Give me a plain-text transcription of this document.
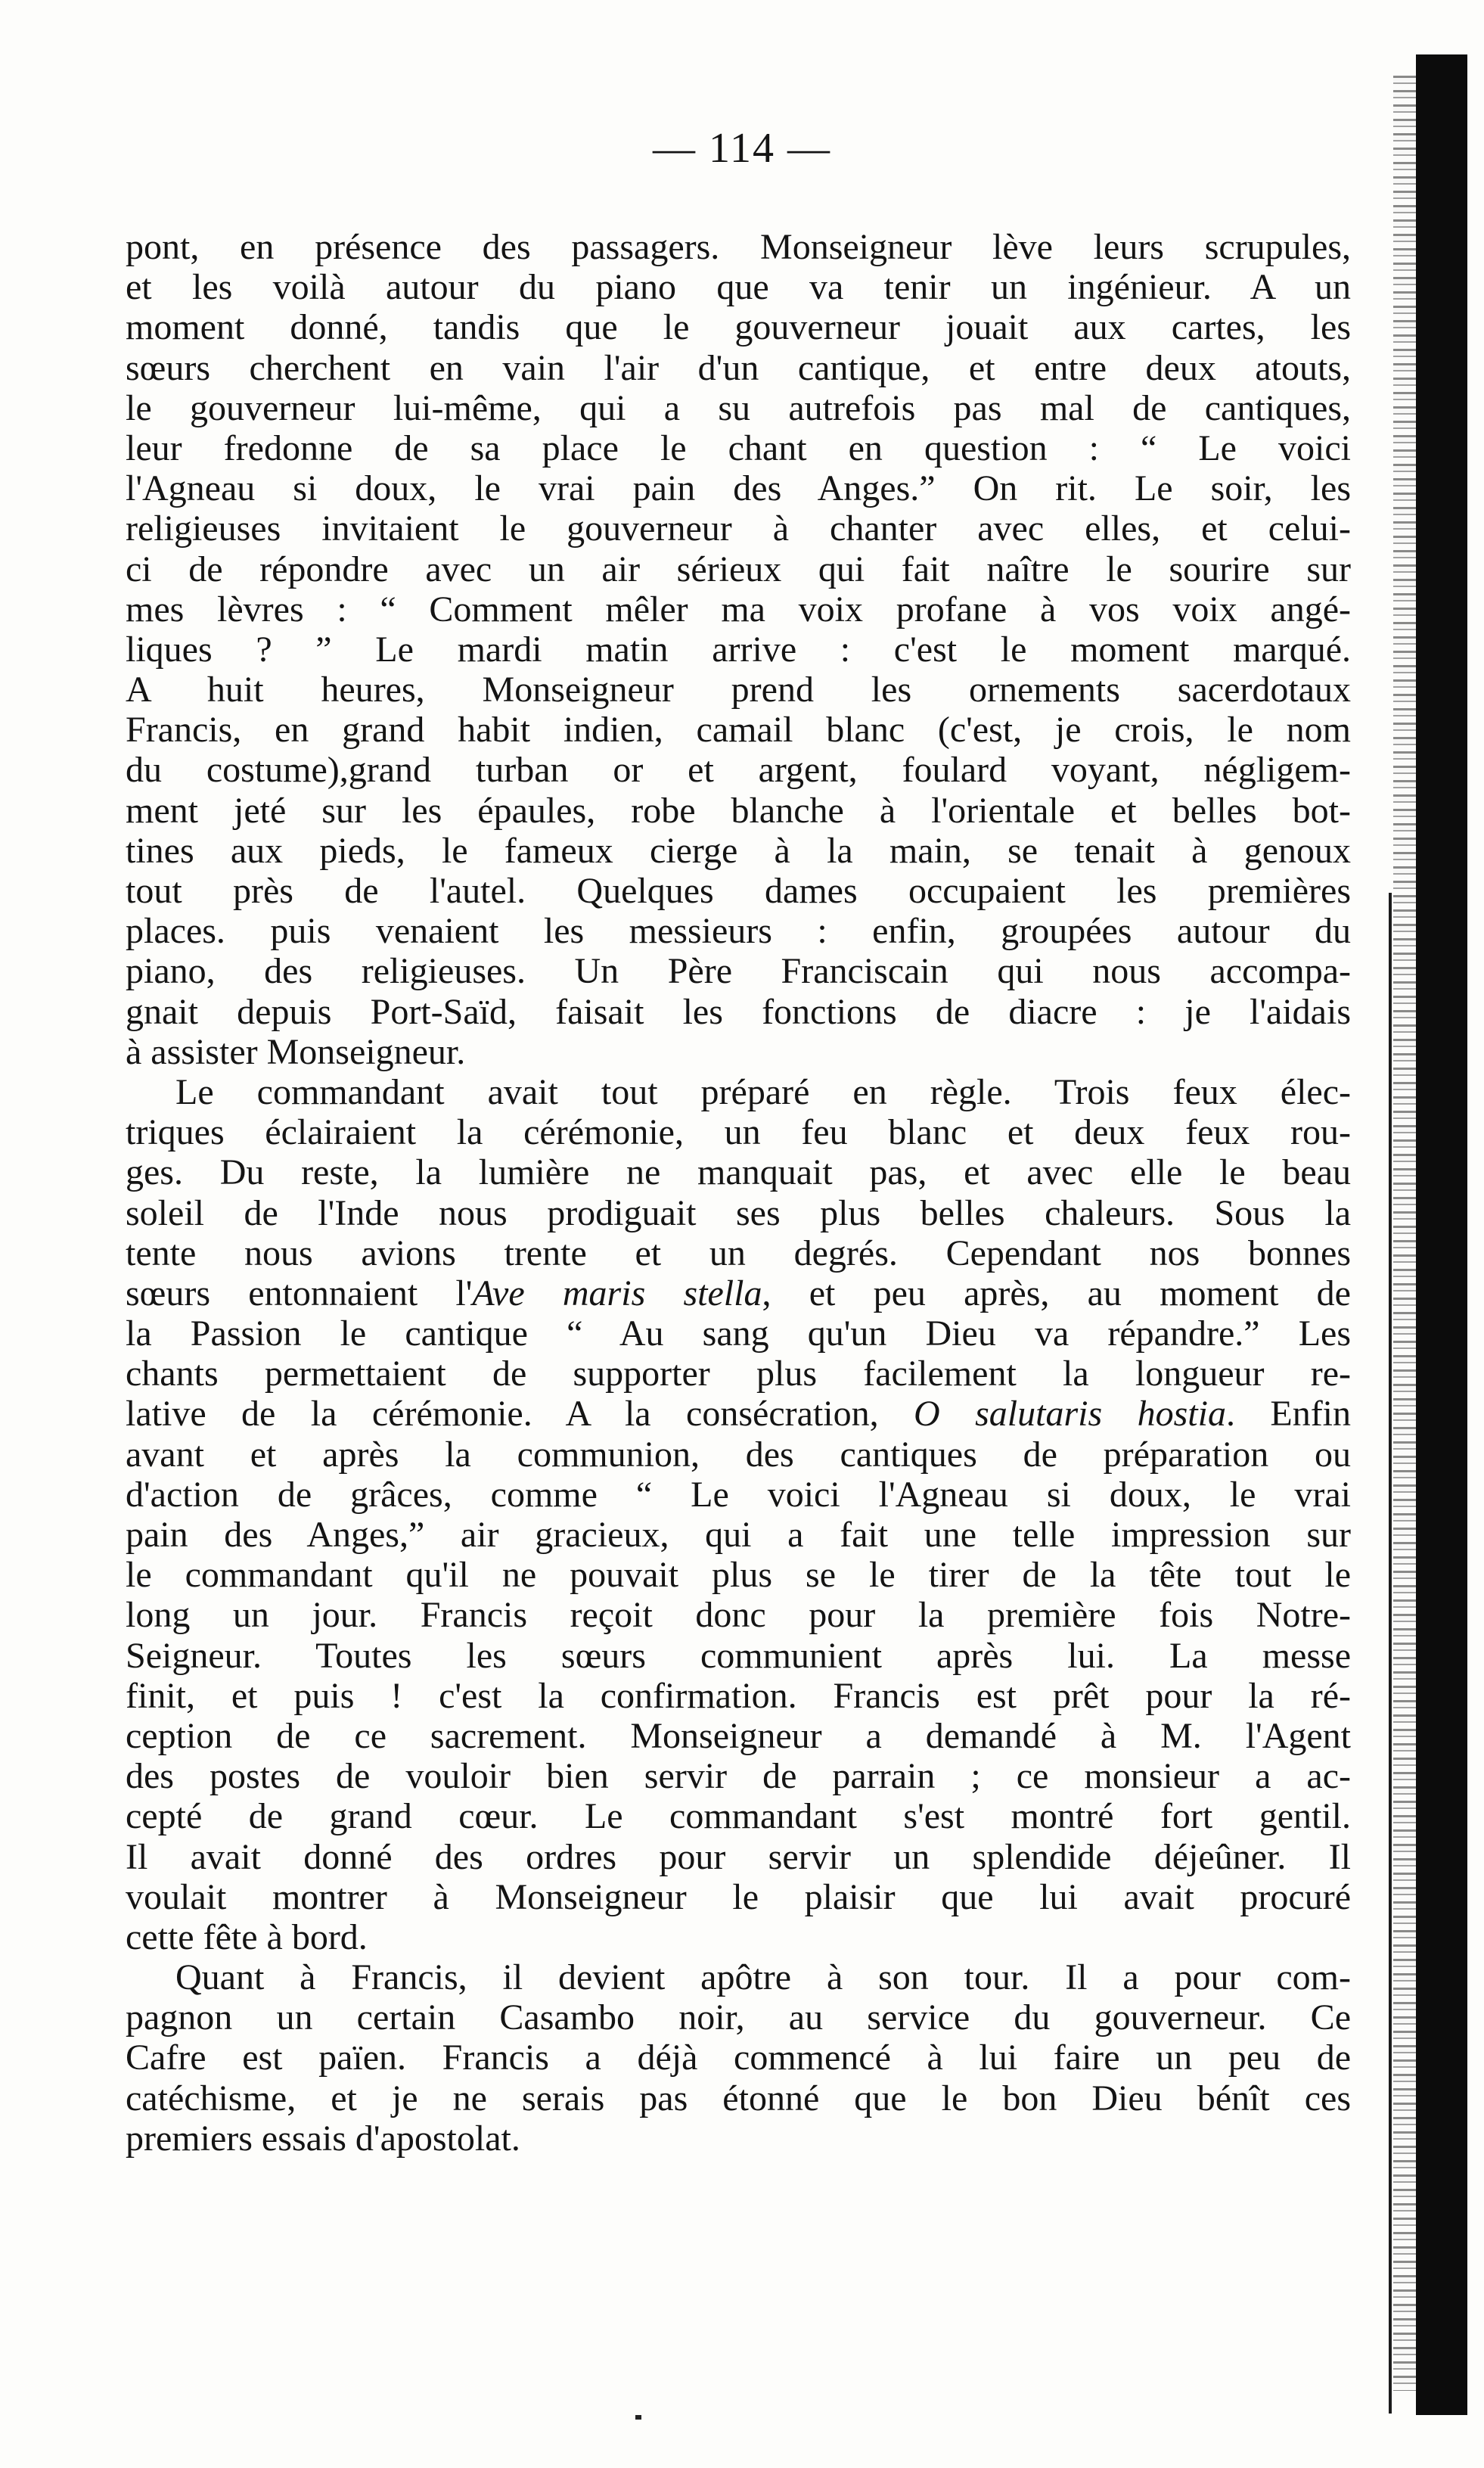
— 114 —
pont, en présence des passagers. Monseigneur lève leurs scrupules,
et les voilà autour du piano que va tenir un ingénieur. A un
moment donné, tandis que le gouverneur jouait aux cartes, les
sœurs cherchent en vain l'air d'un cantique, et entre deux atouts,
le gouverneur lui-même, qui a su autrefois pas mal de cantiques,
leur fredonne de sa place le chant en question : “ Le voici
l'Agneau si doux, le vrai pain des Anges.” On rit. Le soir, les
religieuses invitaient le gouverneur à chanter avec elles, et celui-
ci de répondre avec un air sérieux qui fait naître le sourire sur
mes lèvres : “ Comment mêler ma voix profane à vos voix angé-
liques ? ” Le mardi matin arrive : c'est le moment marqué.
A huit heures, Monseigneur prend les ornements sacerdotaux
Francis, en grand habit indien, camail blanc (c'est, je crois, le nom
du costume),grand turban or et argent, foulard voyant, négligem-
ment jeté sur les épaules, robe blanche à l'orientale et belles bot-
tines aux pieds, le fameux cierge à la main, se tenait à genoux
tout près de l'autel. Quelques dames occupaient les premières
places. puis venaient les messieurs : enfin, groupées autour du
piano, des religieuses. Un Père Franciscain qui nous accompa-
gnait depuis Port-Saïd, faisait les fonctions de diacre : je l'aidais
à assister Monseigneur.
Le commandant avait tout préparé en règle. Trois feux élec-
triques éclairaient la cérémonie, un feu blanc et deux feux rou-
ges. Du reste, la lumière ne manquait pas, et avec elle le beau
soleil de l'Inde nous prodiguait ses plus belles chaleurs. Sous la
tente nous avions trente et un degrés. Cependant nos bonnes
sœurs entonnaient l'Ave maris stella, et peu après, au moment de
la Passion le cantique “ Au sang qu'un Dieu va répandre.” Les
chants permettaient de supporter plus facilement la longueur re-
lative de la cérémonie. A la consécration, O salutaris hostia. Enfin
avant et après la communion, des cantiques de préparation ou
d'action de grâces, comme “ Le voici l'Agneau si doux, le vrai
pain des Anges,” air gracieux, qui a fait une telle impression sur
le commandant qu'il ne pouvait plus se le tirer de la tête tout le
long un jour. Francis reçoit donc pour la première fois Notre-
Seigneur. Toutes les sœurs communient après lui. La messe
finit, et puis ! c'est la confirmation. Francis est prêt pour la ré-
ception de ce sacrement. Monseigneur a demandé à M. l'Agent
des postes de vouloir bien servir de parrain ; ce monsieur a ac-
cepté de grand cœur. Le commandant s'est montré fort gentil.
Il avait donné des ordres pour servir un splendide déjeûner. Il
voulait montrer à Monseigneur le plaisir que lui avait procuré
cette fête à bord.
Quant à Francis, il devient apôtre à son tour. Il a pour com-
pagnon un certain Casambo noir, au service du gouverneur. Ce
Cafre est païen. Francis a déjà commencé à lui faire un peu de
catéchisme, et je ne serais pas étonné que le bon Dieu bénît ces
premiers essais d'apostolat.
